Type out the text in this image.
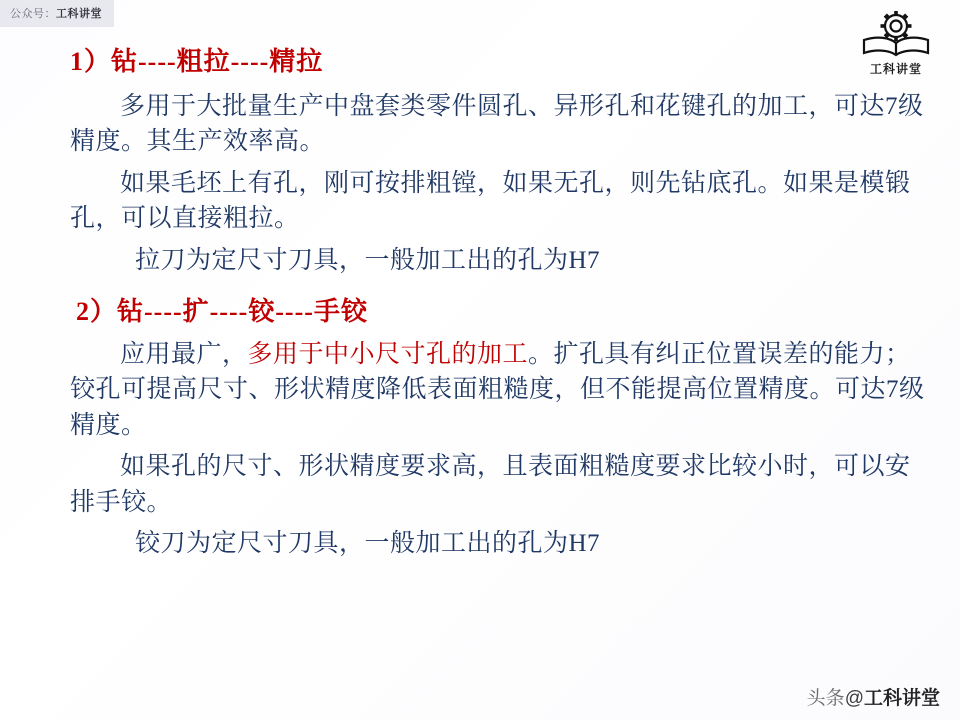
公众号：工科讲堂
工科讲堂
1）钻----粗拉----精拉

多用于大批量生产中盘套类零件圆孔、异形孔和花键孔的加工，可达7级精度。其生产效率高。

如果毛坯上有孔，刚可按排粗镗，如果无孔，则先钻底孔。如果是模锻孔，可以直接粗拉。

拉刀为定尺寸刀具，一般加工出的孔为H7

2）钻----扩----铰----手铰

应用最广，多用于中小尺寸孔的加工。扩孔具有纠正位置误差的能力；铰孔可提高尺寸、形状精度降低表面粗糙度，但不能提高位置精度。可达7级精度。

如果孔的尺寸、形状精度要求高，且表面粗糙度要求比较小时，可以安排手铰。

铰刀为定尺寸刀具，一般加工出的孔为H7

头条@工科讲堂
